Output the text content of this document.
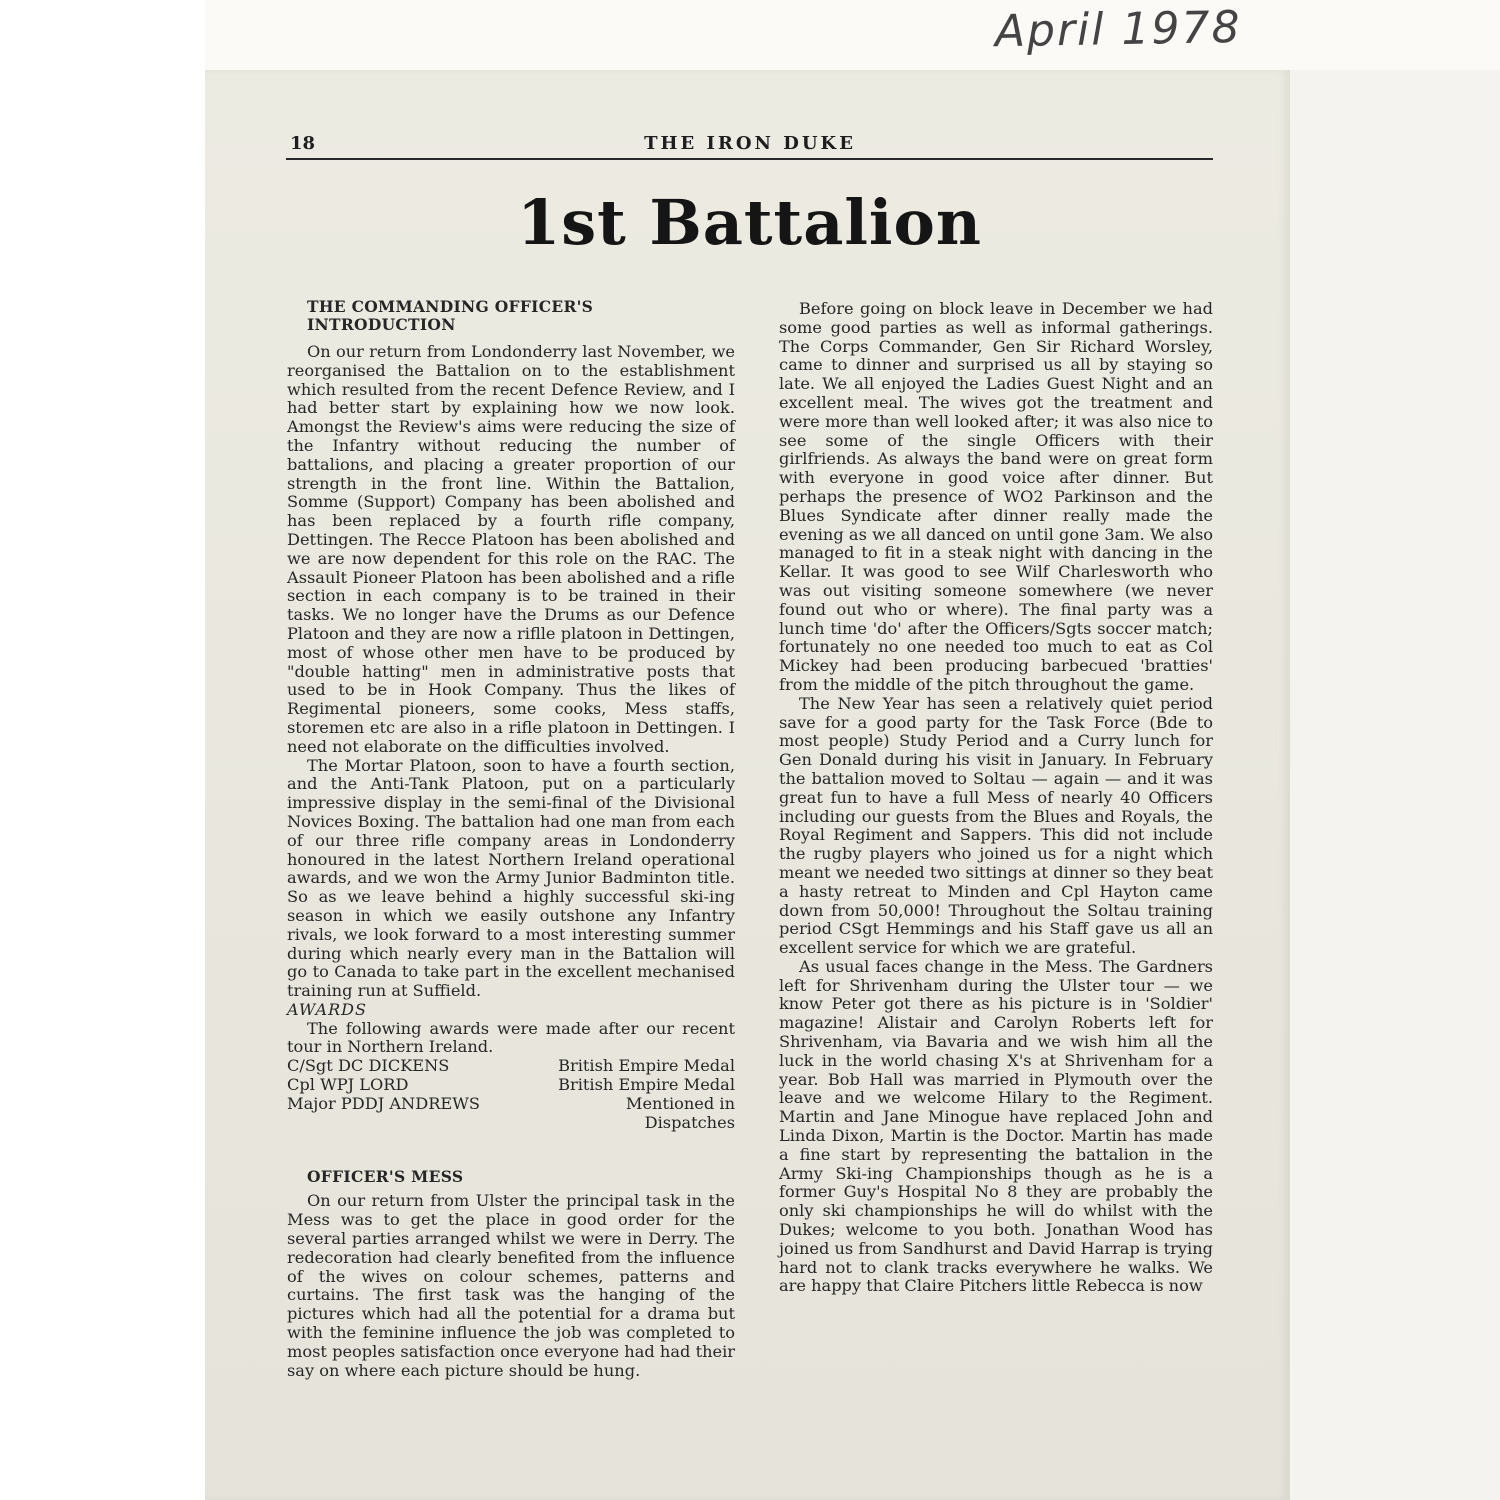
April 1978
18	THE IRON DUKE
1st Battalion

THE COMMANDING OFFICER'S

INTRODUCTION

On our return from Londonderry last November, we reorganised the Battalion on to the establishment which resulted from the recent Defence Review, and I had better start by explaining how we now look. Amongst the Review's aims were reducing the size of the Infantry without reducing the number of battalions, and placing a greater proportion of our strength in the front line. Within the Battalion, Somme (Support) Company has been abolished and has been replaced by a fourth rifle company, Dettingen. The Recce Platoon has been abolished and we are now dependent for this role on the RAC. The Assault Pioneer Platoon has been abolished and a rifle section in each company is to be trained in their tasks. We no longer have the Drums as our Defence Platoon and they are now a riflle platoon in Dettingen, most of whose other men have to be produced by "double hatting" men in administrative posts that used to be in Hook Company. Thus the likes of Regimental pioneers, some cooks, Mess staffs, storemen etc are also in a rifle platoon in Dettingen. I need not elaborate on the difficulties involved.

The Mortar Platoon, soon to have a fourth section, and the Anti-Tank Platoon, put on a particularly impressive display in the semi-final of the Divisional Novices Boxing. The battalion had one man from each of our three rifle company areas in Londonderry honoured in the latest Northern Ireland operational awards, and we won the Army Junior Badminton title. So as we leave behind a highly successful ski-ing season in which we easily outshone any Infantry rivals, we look forward to a most interesting summer during which nearly every man in the Battalion will go to Canada to take part in the excellent mechanised training run at Suffield.

AWARDS

The following awards were made after our recent tour in Northern Ireland.

C/Sgt DC DICKENS	British Empire Medal
Cpl WPJ LORD	British Empire Medal
Major PDDJ ANDREWS	Mentioned in Dispatches

OFFICER'S MESS

On our return from Ulster the principal task in the Mess was to get the place in good order for the several parties arranged whilst we were in Derry. The redecoration had clearly benefited from the influence of the wives on colour schemes, patterns and curtains. The first task was the hanging of the pictures which had all the potential for a drama but with the feminine influence the job was completed to most peoples satisfaction once everyone had had their say on where each picture should be hung.

Before going on block leave in December we had some good parties as well as informal gatherings. The Corps Commander, Gen Sir Richard Worsley, came to dinner and surprised us all by staying so late. We all enjoyed the Ladies Guest Night and an excellent meal. The wives got the treatment and were more than well looked after; it was also nice to see some of the single Officers with their girlfriends. As always the band were on great form with everyone in good voice after dinner. But perhaps the presence of WO2 Parkinson and the Blues Syndicate after dinner really made the evening as we all danced on until gone 3am. We also managed to fit in a steak night with dancing in the Kellar. It was good to see Wilf Charlesworth who was out visiting someone somewhere (we never found out who or where). The final party was a lunch time 'do' after the Officers/Sgts soccer match; fortunately no one needed too much to eat as Col Mickey had been producing barbecued 'bratties' from the middle of the pitch throughout the game.

The New Year has seen a relatively quiet period save for a good party for the Task Force (Bde to most people) Study Period and a Curry lunch for Gen Donald during his visit in January. In February the battalion moved to Soltau — again — and it was great fun to have a full Mess of nearly 40 Officers including our guests from the Blues and Royals, the Royal Regiment and Sappers. This did not include the rugby players who joined us for a night which meant we needed two sittings at dinner so they beat a hasty retreat to Minden and Cpl Hayton came down from 50,000! Throughout the Soltau training period CSgt Hemmings and his Staff gave us all an excellent service for which we are grateful.

As usual faces change in the Mess. The Gardners left for Shrivenham during the Ulster tour — we know Peter got there as his picture is in 'Soldier' magazine! Alistair and Carolyn Roberts left for Shrivenham, via Bavaria and we wish him all the luck in the world chasing X's at Shrivenham for a year. Bob Hall was married in Plymouth over the leave and we welcome Hilary to the Regiment. Martin and Jane Minogue have replaced John and Linda Dixon, Martin is the Doctor. Martin has made a fine start by representing the battalion in the Army Ski-ing Championships though as he is a former Guy's Hospital No 8 they are probably the only ski championships he will do whilst with the Dukes; welcome to you both. Jonathan Wood has joined us from Sandhurst and David Harrap is trying hard not to clank tracks everywhere he walks. We are happy that Claire Pitchers little Rebecca is now
